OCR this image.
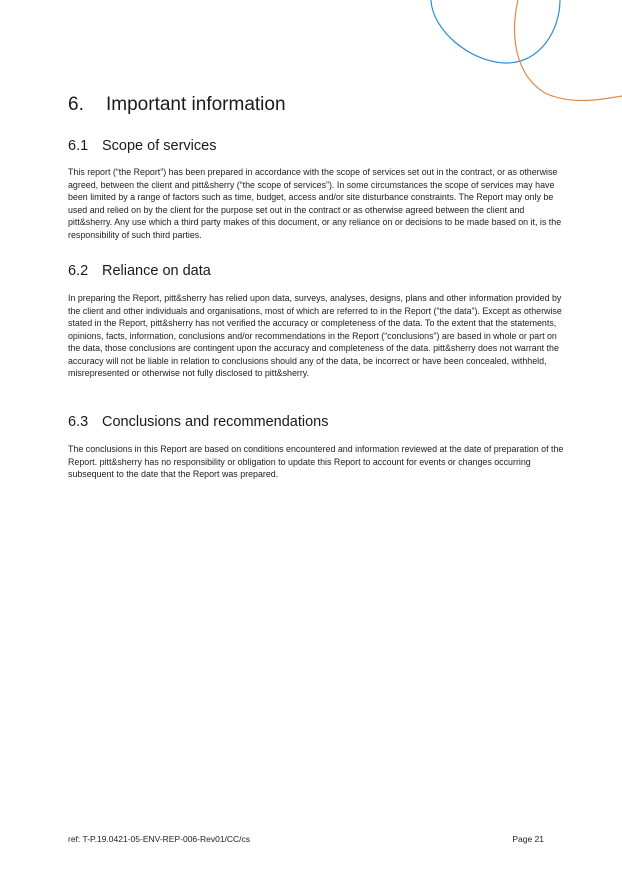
6. Important information
6.1 Scope of services

This report (“the Report”) has been prepared in accordance with the scope of services set out in the contract, or as otherwise agreed, between the client and pitt&sherry (“the scope of services”). In some circumstances the scope of services may have been limited by a range of factors such as time, budget, access and/or site disturbance constraints. The Report may only be used and relied on by the client for the purpose set out in the contract or as otherwise agreed between the client and pitt&sherry. Any use which a third party makes of this document, or any reliance on or decisions to be made based on it, is the responsibility of such third parties.

6.2 Reliance on data

In preparing the Report, pitt&sherry has relied upon data, surveys, analyses, designs, plans and other information provided by the client and other individuals and organisations, most of which are referred to in the Report (“the data”). Except as otherwise stated in the Report, pitt&sherry has not verified the accuracy or completeness of the data. To the extent that the statements, opinions, facts, information, conclusions and/or recommendations in the Report (“conclusions”) are based in whole or part on the data, those conclusions are contingent upon the accuracy and completeness of the data. pitt&sherry does not warrant the accuracy will not be liable in relation to conclusions should any of the data, be incorrect or have been concealed, withheld, misrepresented or otherwise not fully disclosed to pitt&sherry.

6.3 Conclusions and recommendations

The conclusions in this Report are based on conditions encountered and information reviewed at the date of preparation of the Report. pitt&sherry has no responsibility or obligation to update this Report to account for events or changes occurring subsequent to the date that the Report was prepared.

ref: T-P.19.0421-05-ENV-REP-006-Rev01/CC/cs	Page 21
